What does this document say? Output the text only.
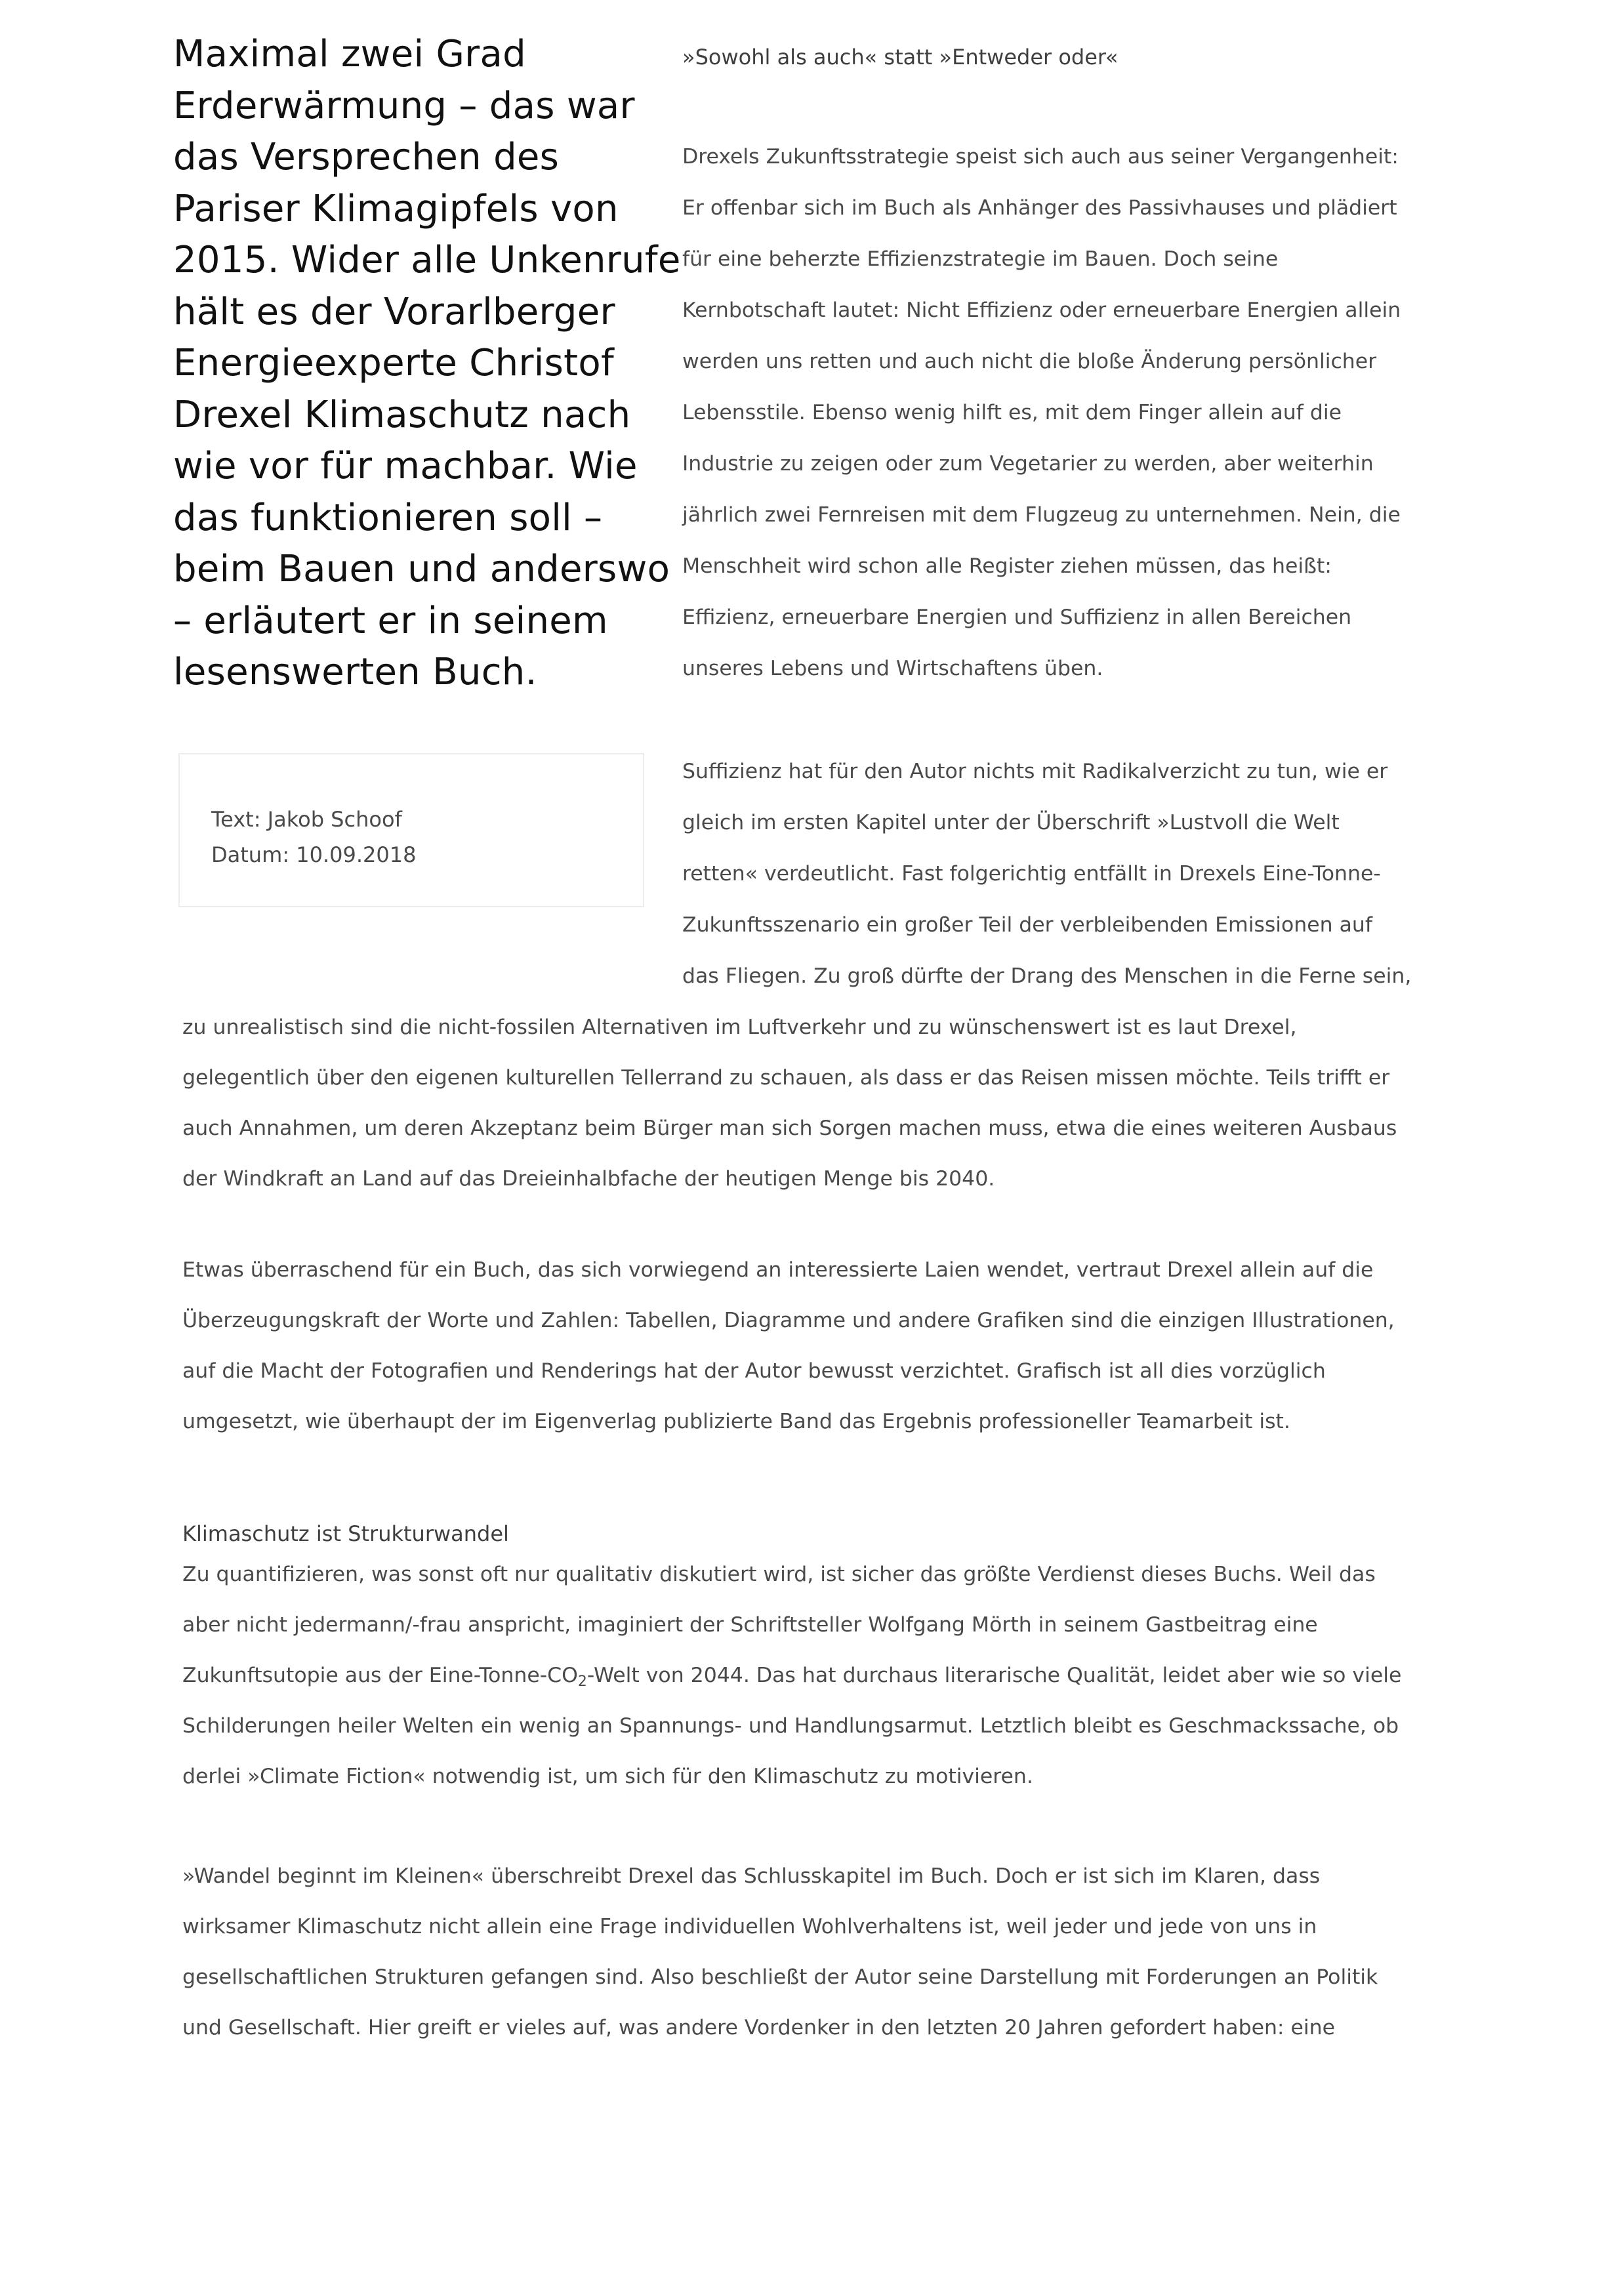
Maximal zwei Grad
Erderwärmung – das war
das Versprechen des
Pariser Klimagipfels von
2015. Wider alle Unkenrufe
hält es der Vorarlberger
Energieexperte Christof
Drexel Klimaschutz nach
wie vor für machbar. Wie
das funktionieren soll –
beim Bauen und anderswo
– erläutert er in seinem
lesenswerten Buch.
»Sowohl als auch« statt »Entweder oder«
Drexels Zukunftsstrategie speist sich auch aus seiner Vergangenheit:
Er offenbar sich im Buch als Anhänger des Passivhauses und plädiert
für eine beherzte Effizienzstrategie im Bauen. Doch seine
Kernbotschaft lautet: Nicht Effizienz oder erneuerbare Energien allein
werden uns retten und auch nicht die bloße Änderung persönlicher
Lebensstile. Ebenso wenig hilft es, mit dem Finger allein auf die
Industrie zu zeigen oder zum Vegetarier zu werden, aber weiterhin
jährlich zwei Fernreisen mit dem Flugzeug zu unternehmen. Nein, die
Menschheit wird schon alle Register ziehen müssen, das heißt:
Effizienz, erneuerbare Energien und Suffizienz in allen Bereichen
unseres Lebens und Wirtschaftens üben.
Text: Jakob Schoof
Datum: 10.09.2018
Suffizienz hat für den Autor nichts mit Radikalverzicht zu tun, wie er
gleich im ersten Kapitel unter der Überschrift »Lustvoll die Welt
retten« verdeutlicht. Fast folgerichtig entfällt in Drexels Eine-Tonne-
Zukunftsszenario ein großer Teil der verbleibenden Emissionen auf
das Fliegen. Zu groß dürfte der Drang des Menschen in die Ferne sein,
zu unrealistisch sind die nicht-fossilen Alternativen im Luftverkehr und zu wünschenswert ist es laut Drexel,
gelegentlich über den eigenen kulturellen Tellerrand zu schauen, als dass er das Reisen missen möchte. Teils trifft er
auch Annahmen, um deren Akzeptanz beim Bürger man sich Sorgen machen muss, etwa die eines weiteren Ausbaus
der Windkraft an Land auf das Dreieinhalbfache der heutigen Menge bis 2040.
Etwas überraschend für ein Buch, das sich vorwiegend an interessierte Laien wendet, vertraut Drexel allein auf die
Überzeugungskraft der Worte und Zahlen: Tabellen, Diagramme und andere Grafiken sind die einzigen Illustrationen,
auf die Macht der Fotografien und Renderings hat der Autor bewusst verzichtet. Grafisch ist all dies vorzüglich
umgesetzt, wie überhaupt der im Eigenverlag publizierte Band das Ergebnis professioneller Teamarbeit ist.
Klimaschutz ist Strukturwandel
Zu quantifizieren, was sonst oft nur qualitativ diskutiert wird, ist sicher das größte Verdienst dieses Buchs. Weil das
aber nicht jedermann/-frau anspricht, imaginiert der Schriftsteller Wolfgang Mörth in seinem Gastbeitrag eine
Zukunftsutopie aus der Eine-$Tonne-CO_2$-Welt von 2044. Das hat durchaus literarische Qualität, leidet aber wie so viele
Schilderungen heiler Welten ein wenig an Spannungs- und Handlungsarmut. Letztlich bleibt es Geschmackssache, ob
derlei »Climate Fiction« notwendig ist, um sich für den Klimaschutz zu motivieren.
»Wandel beginnt im Kleinen« überschreibt Drexel das Schlusskapitel im Buch. Doch er ist sich im Klaren, dass
wirksamer Klimaschutz nicht allein eine Frage individuellen Wohlverhaltens ist, weil jeder und jede von uns in
gesellschaftlichen Strukturen gefangen sind. Also beschließt der Autor seine Darstellung mit Forderungen an Politik
und Gesellschaft. Hier greift er vieles auf, was andere Vordenker in den letzten 20 Jahren gefordert haben: eine
